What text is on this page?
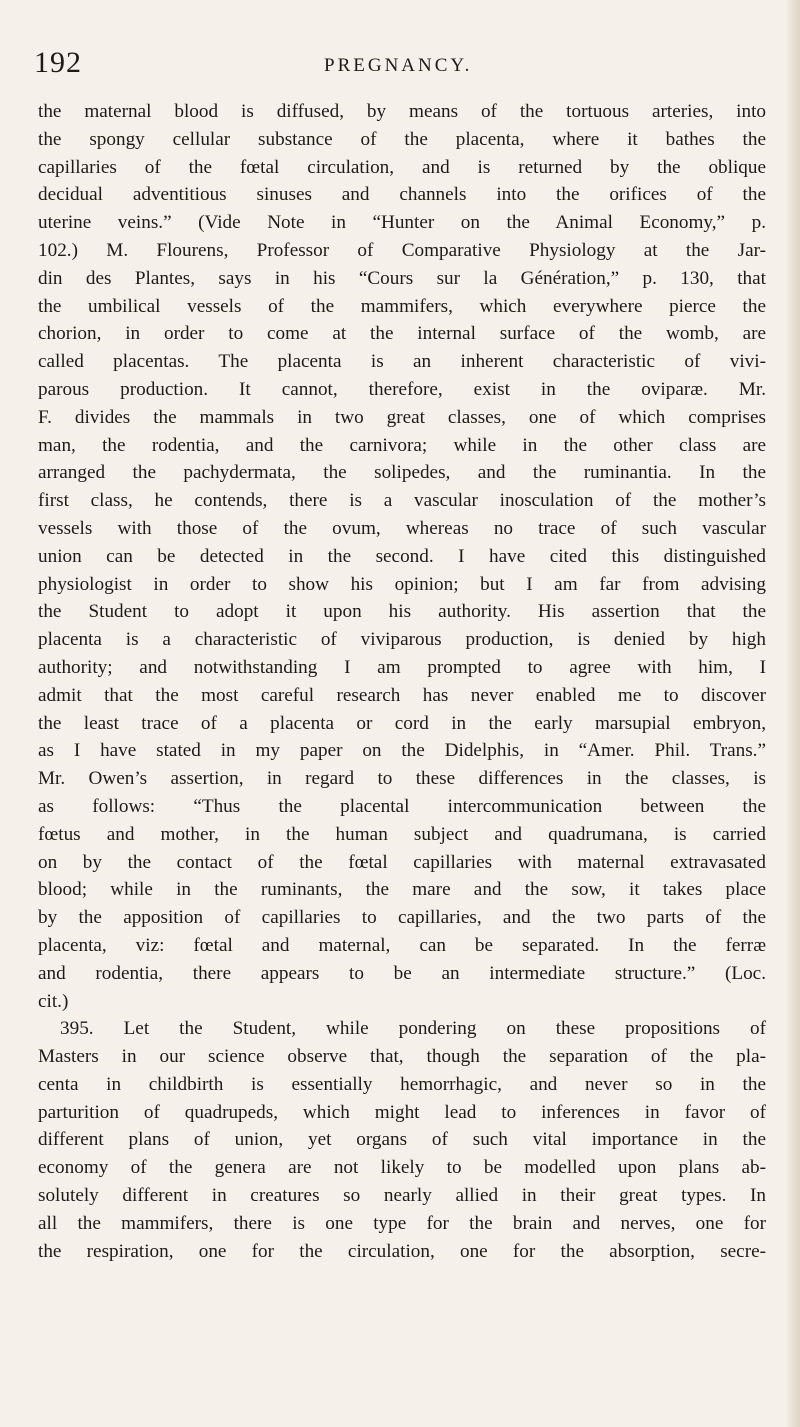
192	PREGNANCY.
the maternal blood is diffused, by means of the tortuous arteries, into
the spongy cellular substance of the placenta, where it bathes the
capillaries of the fœtal circulation, and is returned by the oblique
decidual adventitious sinuses and channels into the orifices of the
uterine veins.” (Vide Note in “Hunter on the Animal Economy,” p.
102.) M. Flourens, Professor of Comparative Physiology at the Jar-
din des Plantes, says in his “Cours sur la Génération,” p. 130, that
the umbilical vessels of the mammifers, which everywhere pierce the
chorion, in order to come at the internal surface of the womb, are
called placentas. The placenta is an inherent characteristic of vivi-
parous production. It cannot, therefore, exist in the oviparæ. Mr.
F. divides the mammals in two great classes, one of which comprises
man, the rodentia, and the carnivora; while in the other class are
arranged the pachydermata, the solipedes, and the ruminantia. In the
first class, he contends, there is a vascular inosculation of the mother’s
vessels with those of the ovum, whereas no trace of such vascular
union can be detected in the second. I have cited this distinguished
physiologist in order to show his opinion; but I am far from advising
the Student to adopt it upon his authority. His assertion that the
placenta is a characteristic of viviparous production, is denied by high
authority; and notwithstanding I am prompted to agree with him, I
admit that the most careful research has never enabled me to discover
the least trace of a placenta or cord in the early marsupial embryon,
as I have stated in my paper on the Didelphis, in “Amer. Phil. Trans.”
Mr. Owen’s assertion, in regard to these differences in the classes, is
as follows: “Thus the placental intercommunication between the
fœtus and mother, in the human subject and quadrumana, is carried
on by the contact of the fœtal capillaries with maternal extravasated
blood; while in the ruminants, the mare and the sow, it takes place
by the apposition of capillaries to capillaries, and the two parts of the
placenta, viz: fœtal and maternal, can be separated. In the ferræ
and rodentia, there appears to be an intermediate structure.” (Loc.
cit.)
395. Let the Student, while pondering on these propositions of
Masters in our science observe that, though the separation of the pla-
centa in childbirth is essentially hemorrhagic, and never so in the
parturition of quadrupeds, which might lead to inferences in favor of
different plans of union, yet organs of such vital importance in the
economy of the genera are not likely to be modelled upon plans ab-
solutely different in creatures so nearly allied in their great types. In
all the mammifers, there is one type for the brain and nerves, one for
the respiration, one for the circulation, one for the absorption, secre-
